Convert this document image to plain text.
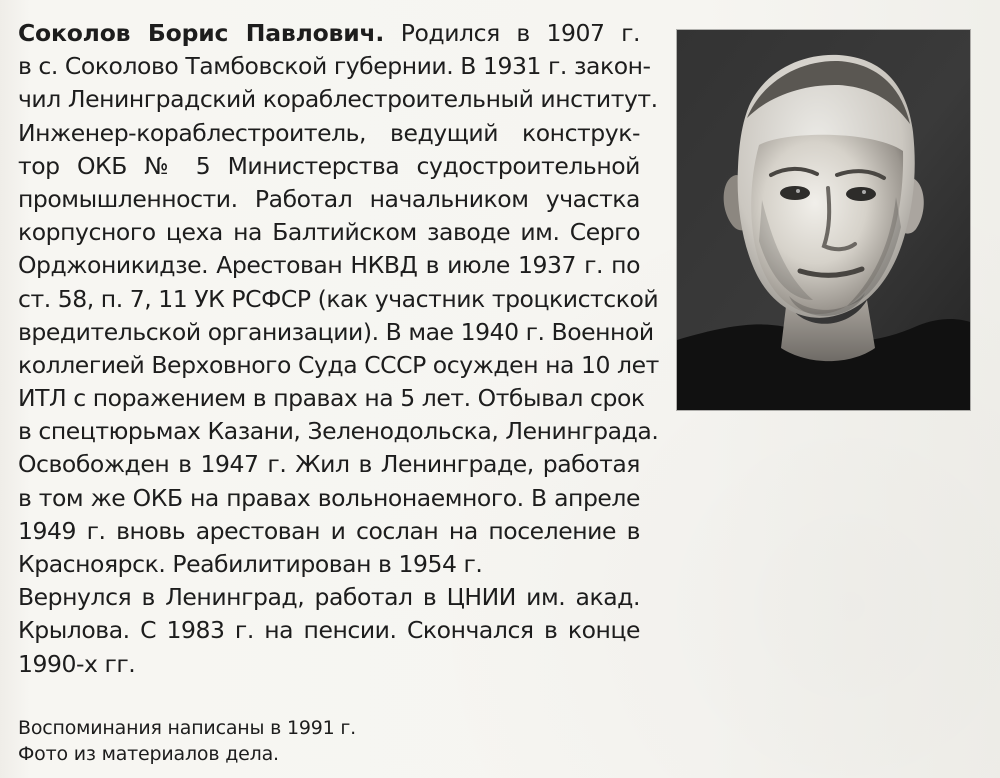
Соколов Борис Павлович. Родился в 1907 г.
в с. Соколово Тамбовской губернии. В 1931 г. закон-
чил Ленинградский кораблестроительный институт.
Инженер-кораблестроитель, ведущий конструк-
тор ОКБ № 5 Министерства судостроительной
промышленности. Работал начальником участка
корпусного цеха на Балтийском заводе им. Серго
Орджоникидзе. Арестован НКВД в июле 1937 г. по
ст. 58, п. 7, 11 УК РСФСР (как участник троцкистской
вредительской организации). В мае 1940 г. Военной
коллегией Верховного Суда СССР осужден на 10 лет
ИТЛ с поражением в правах на 5 лет. Отбывал срок
в спецтюрьмах Казани, Зеленодольска, Ленинграда.
Освобожден в 1947 г. Жил в Ленинграде, работая
в том же ОКБ на правах вольнонаемного. В апреле
1949 г. вновь арестован и сослан на поселение в
Красноярск. Реабилитирован в 1954 г.
Вернулся в Ленинград, работал в ЦНИИ им. акад.
Крылова. С 1983 г. на пенсии. Скончался в конце
1990-х гг.
Воспоминания написаны в 1991 г.
Фото из материалов дела.
